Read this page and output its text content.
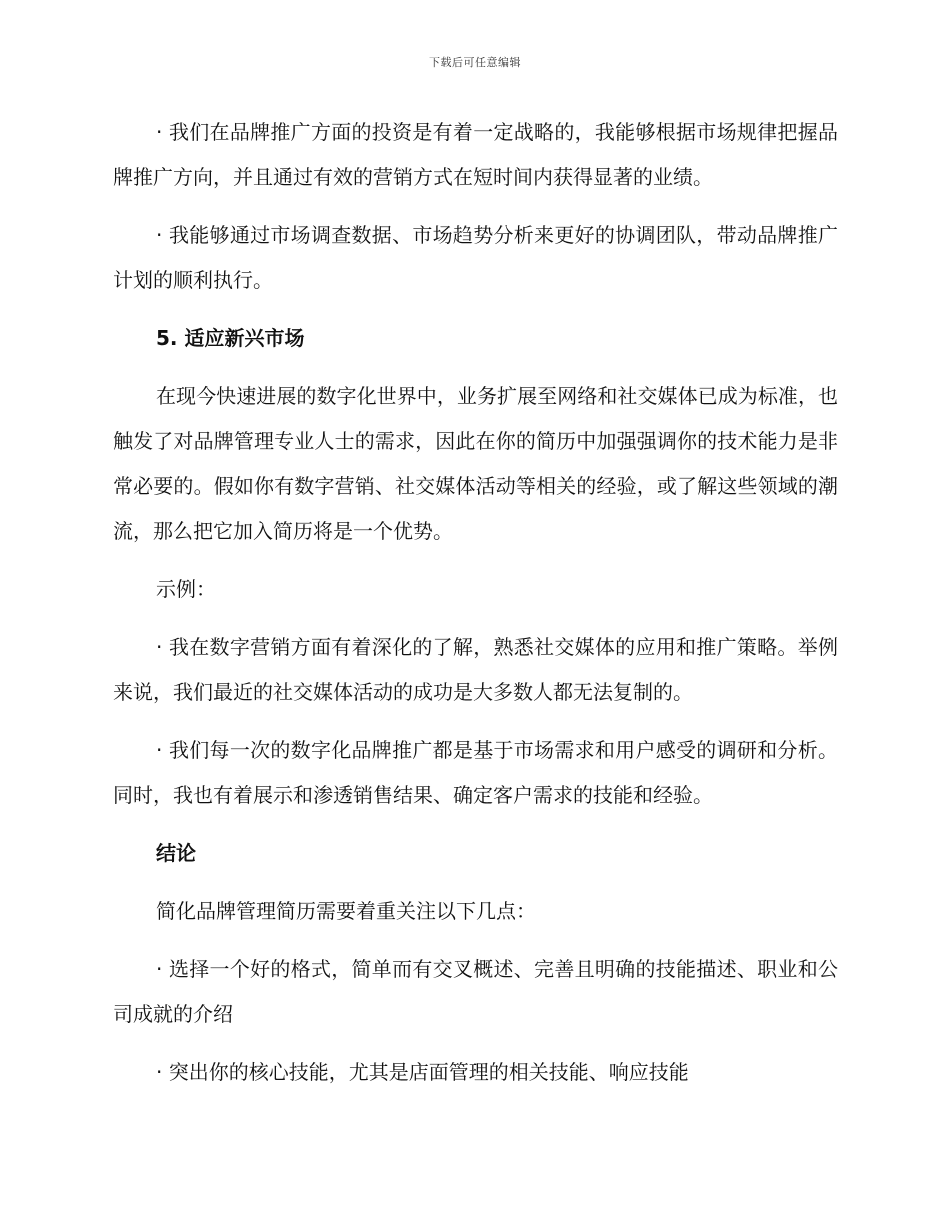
下载后可任意编辑

· 我们在品牌推广方面的投资是有着一定战略的，我能够根据市场规律把握品牌推广方向，并且通过有效的营销方式在短时间内获得显著的业绩。

· 我能够通过市场调查数据、市场趋势分析来更好的协调团队，带动品牌推广计划的顺利执行。

5. 适应新兴市场

在现今快速进展的数字化世界中，业务扩展至网络和社交媒体已成为标准，也触发了对品牌管理专业人士的需求，因此在你的简历中加强强调你的技术能力是非常必要的。假如你有数字营销、社交媒体活动等相关的经验，或了解这些领域的潮流，那么把它加入简历将是一个优势。

示例：

· 我在数字营销方面有着深化的了解，熟悉社交媒体的应用和推广策略。举例来说，我们最近的社交媒体活动的成功是大多数人都无法复制的。

· 我们每一次的数字化品牌推广都是基于市场需求和用户感受的调研和分析。同时，我也有着展示和渗透销售结果、确定客户需求的技能和经验。

结论

简化品牌管理简历需要着重关注以下几点：

· 选择一个好的格式，简单而有交叉概述、完善且明确的技能描述、职业和公司成就的介绍

· 突出你的核心技能，尤其是店面管理的相关技能、响应技能
